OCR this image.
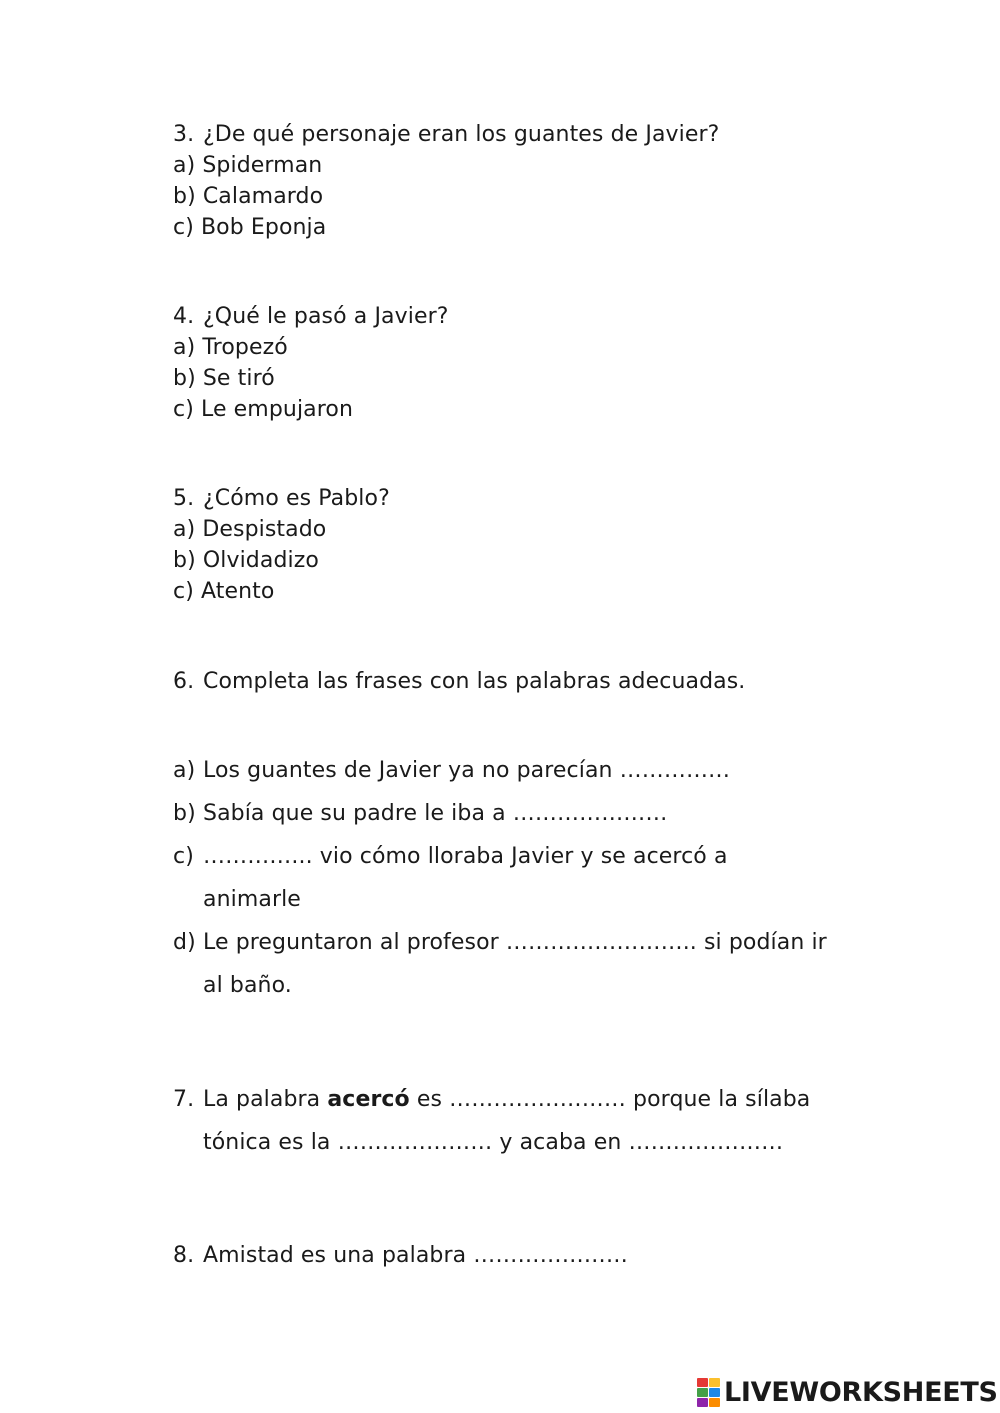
3. ¿De qué personaje eran los guantes de Javier?
a) Spiderman
b) Calamardo
c) Bob Eponja
4. ¿Qué le pasó a Javier?
a) Tropezó
b) Se tiró
c) Le empujaron
5. ¿Cómo es Pablo?
a) Despistado
b) Olvidadizo
c) Atento
6. Completa las frases con las palabras adecuadas.
a) Los guantes de Javier ya no parecían ……………
b) Sabía que su padre le iba a …………………
c) …………... vio cómo lloraba Javier y se acercó a
animarle
d) Le preguntaron al profesor …………………….. si podían ir
al baño.
7. La palabra acercó es …………………… porque la sílaba
tónica es la ………………… y acaba en …………………
8. Amistad es una palabra …………………
LIVEWORKSHEETS
